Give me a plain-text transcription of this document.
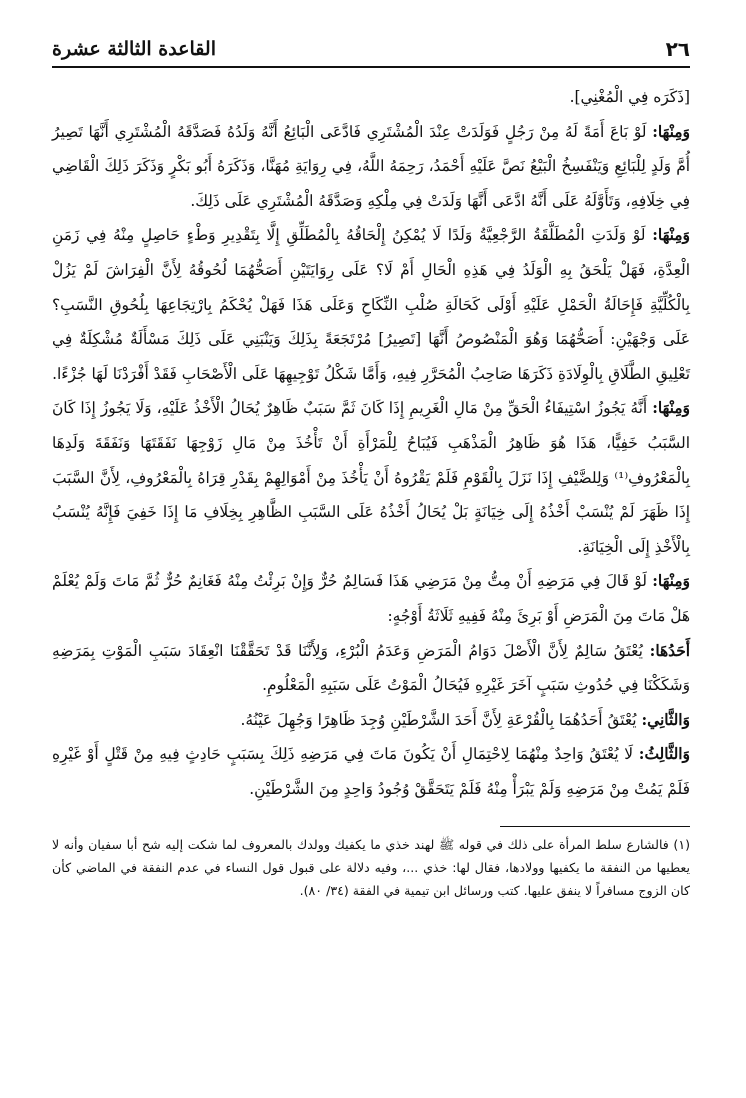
٢٦
القاعدة الثالثة عشرة

[ذَكَرَه فِي الْمُغْنِي].

وَمِنْهَا: لَوْ بَاعَ أَمَةً لَهُ مِنْ رَجُلٍ فَوَلَدَتْ عِنْدَ الْمُشْتَرِي فَادَّعَى الْبَائِعُ أَنَّهُ وَلَدُهُ فَصَدَّقَهُ الْمُشْتَرِي أَنَّهَا تَصِيرُ أُمَّ وَلَدٍ لِلْبَائِعِ وَيَنْفَسِخُ الْبَيْعُ نَصَّ عَلَيْهِ أَحْمَدُ، رَحِمَهُ اللَّهُ، فِي رِوَايَةِ مُهَنَّا، وَذَكَرَهُ أَبُو بَكْرٍ وَذَكَرَ ذَلِكَ الْقَاضِي فِي خِلَافِهِ، وَتَأَوَّلَهُ عَلَى أَنَّهُ ادَّعَى أَنَّهَا وَلَدَتْ فِي مِلْكِهِ وَصَدَّقَهُ الْمُشْتَرِي عَلَى ذَلِكَ.

وَمِنْهَا: لَوْ وَلَدَتِ الْمُطَلَّقَةُ الرَّجْعِيَّةُ وَلَدًا لَا يُمْكِنُ إِلْحَاقُهُ بِالْمُطَلِّقِ إِلَّا بِتَقْدِيرِ وَطْءٍ حَاصِلٍ مِنْهُ فِي زَمَنِ الْعِدَّةِ، فَهَلْ يَلْحَقُ بِهِ الْوَلَدُ فِي هَذِهِ الْحَالِ أَمْ لَا؟ عَلَى رِوَايَتَيْنِ أَصَحُّهُمَا لُحُوقُهُ لِأَنَّ الْفِرَاشَ لَمْ يَزُلْ بِالْكُلِّيَّةِ فَإِحَالَةُ الْحَمْلِ عَلَيْهِ أَوْلَى كَحَالَةِ صُلْبِ النِّكَاحِ وَعَلَى هَذَا فَهَلْ يُحْكَمُ بِارْتِجَاعِهَا بِلُحُوقِ النَّسَبِ؟ عَلَى وَجْهَيْنِ: أَصَحُّهُمَا وَهُوَ الْمَنْصُوصُ أَنَّهَا [تَصِيرُ] مُرْتَجَعَةً بِذَلِكَ وَيَنْبَنِي عَلَى ذَلِكَ مَسْأَلَةٌ مُشْكِلَةٌ فِي تَعْلِيقِ الطَّلَاقِ بِالْوِلَادَةِ ذَكَرَهَا صَاحِبُ الْمُحَرَّرِ فِيهِ، وَأَمَّا شَكْلُ تَوْجِيهِهَا عَلَى الْأَصْحَابِ فَقَدْ أَفْرَدْنَا لَهَا جُزْءًا.

وَمِنْهَا: أَنَّهُ يَجُوزُ اسْتِيفَاءُ الْحَقِّ مِنْ مَالِ الْغَرِيمِ إِذَا كَانَ ثَمَّ سَبَبٌ ظَاهِرٌ يُحَالُ الْأَخْذُ عَلَيْهِ، وَلَا يَجُوزُ إِذَا كَانَ السَّبَبُ خَفِيًّا، هَذَا هُوَ ظَاهِرُ الْمَذْهَبِ فَيُبَاحُ لِلْمَرْأَةِ أَنْ تَأْخُذَ مِنْ مَالِ زَوْجِهَا نَفَقَتَهَا وَنَفَقَةَ وَلَدِهَا بِالْمَعْرُوفِ⁽¹⁾ وَلِلضَّيْفِ إِذَا نَزَلَ بِالْقَوْمِ فَلَمْ يَقْرُوهُ أَنْ يَأْخُذَ مِنْ أَمْوَالِهِمْ بِقَدْرِ قِرَاهُ بِالْمَعْرُوفِ، لِأَنَّ السَّبَبَ إِذَا ظَهَرَ لَمْ يُنْسَبْ أَخْذُهُ إِلَى خِيَانَةٍ بَلْ يُحَالُ أَخْذُهُ عَلَى السَّبَبِ الظَّاهِرِ بِخِلَافِ مَا إِذَا خَفِيَ فَإِنَّهُ يُنْسَبُ بِالْأَخْذِ إِلَى الْخِيَانَةِ.

وَمِنْهَا: لَوْ قَالَ فِي مَرَضِهِ أَنْ مِتُّ مِنْ مَرَضِي هَذَا فَسَالِمٌ حُرٌّ وَإِنْ بَرِئْتُ مِنْهُ فَغَانِمٌ حُرٌّ ثُمَّ مَاتَ وَلَمْ يُعْلَمْ هَلْ مَاتَ مِنَ الْمَرَضِ أَوْ بَرِئَ مِنْهُ فَفِيهِ ثَلَاثَةُ أَوْجُهٍ:

أَحَدُهَا: يُعْتَقُ سَالِمٌ لِأَنَّ الْأَصْلَ دَوَامُ الْمَرَضِ وَعَدَمُ الْبُرْءِ، وَلِأَنَّنَا قَدْ تَحَقَّقْنَا انْعِقَادَ سَبَبِ الْمَوْتِ بِمَرَضِهِ وَشَكَكْنَا فِي حُدُوثِ سَبَبٍ آخَرَ غَيْرِهِ فَيُحَالُ الْمَوْتُ عَلَى سَبَبِهِ الْمَعْلُومِ.

وَالثَّانِي: يُعْتَقُ أَحَدُهُمَا بِالْقُرْعَةِ لِأَنَّ أَحَدَ الشَّرْطَيْنِ وُجِدَ ظَاهِرًا وَجُهِلَ عَيْنُهُ.

وَالثَّالِثُ: لَا يُعْتَقُ وَاحِدٌ مِنْهُمَا لِاحْتِمَالِ أَنْ يَكُونَ مَاتَ فِي مَرَضِهِ ذَلِكَ بِسَبَبٍ حَادِثٍ فِيهِ مِنْ قَتْلٍ أَوْ غَيْرِهِ فَلَمْ يَمُتْ مِنْ مَرَضِهِ وَلَمْ يَبْرَأْ مِنْهُ فَلَمْ يَتَحَقَّقْ وُجُودُ وَاحِدٍ مِنَ الشَّرْطَيْنِ.

(١) فالشارع سلط المرأة على ذلك في قوله ﷺ لهند خذي ما يكفيك وولدك بالمعروف لما شكت إليه شح أبا سفيان وأنه لا يعطيها من النفقة ما يكفيها وولادها، فقال لها: خذي ...، وفيه دلالة على قبول قول النساء في عدم النفقة في الماضي كأن كان الزوج مسافراً لا ينفق عليها. كتب ورسائل ابن تيمية في الفقة (٣٤/ ٨٠).
